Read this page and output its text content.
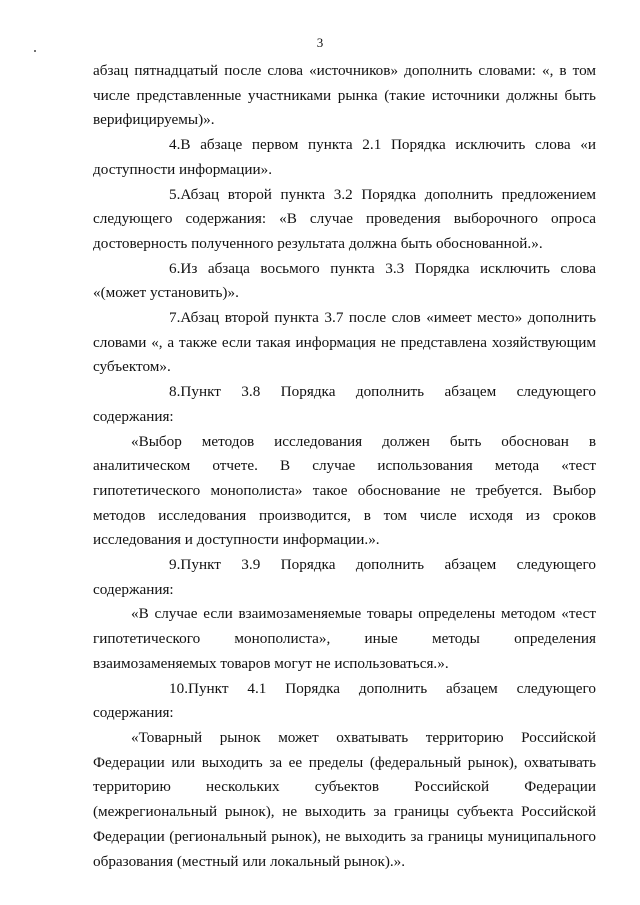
3

абзац пятнадцатый после слова «источников» дополнить словами: «, в том числе представленные участниками рынка (такие источники должны быть верифицируемы)».

4.В абзаце первом пункта 2.1 Порядка исключить слова «и доступности информации».

5.Абзац второй пункта 3.2 Порядка дополнить предложением следующего содержания: «В случае проведения выборочного опроса достоверность полученного результата должна быть обоснованной.».

6.Из абзаца восьмого пункта 3.3 Порядка исключить слова «(может установить)».

7.Абзац второй пункта 3.7 после слов «имеет место» дополнить словами «, а также если такая информация не представлена хозяйствующим субъектом».

8.Пункт 3.8 Порядка дополнить абзацем следующего содержания:

«Выбор методов исследования должен быть обоснован в аналитическом отчете. В случае использования метода «тест гипотетического монополиста» такое обоснование не требуется. Выбор методов исследования производится, в том числе исходя из сроков исследования и доступности информации.».

9.Пункт 3.9 Порядка дополнить абзацем следующего содержания:

«В случае если взаимозаменяемые товары определены методом «тест гипотетического монополиста», иные методы определения взаимозаменяемых товаров могут не использоваться.».

10.Пункт 4.1 Порядка дополнить абзацем следующего содержания:

«Товарный рынок может охватывать территорию Российской Федерации или выходить за ее пределы (федеральный рынок), охватывать территорию нескольких субъектов Российской Федерации (межрегиональный рынок), не выходить за границы субъекта Российской Федерации (региональный рынок), не выходить за границы муниципального образования (местный или локальный рынок).».
